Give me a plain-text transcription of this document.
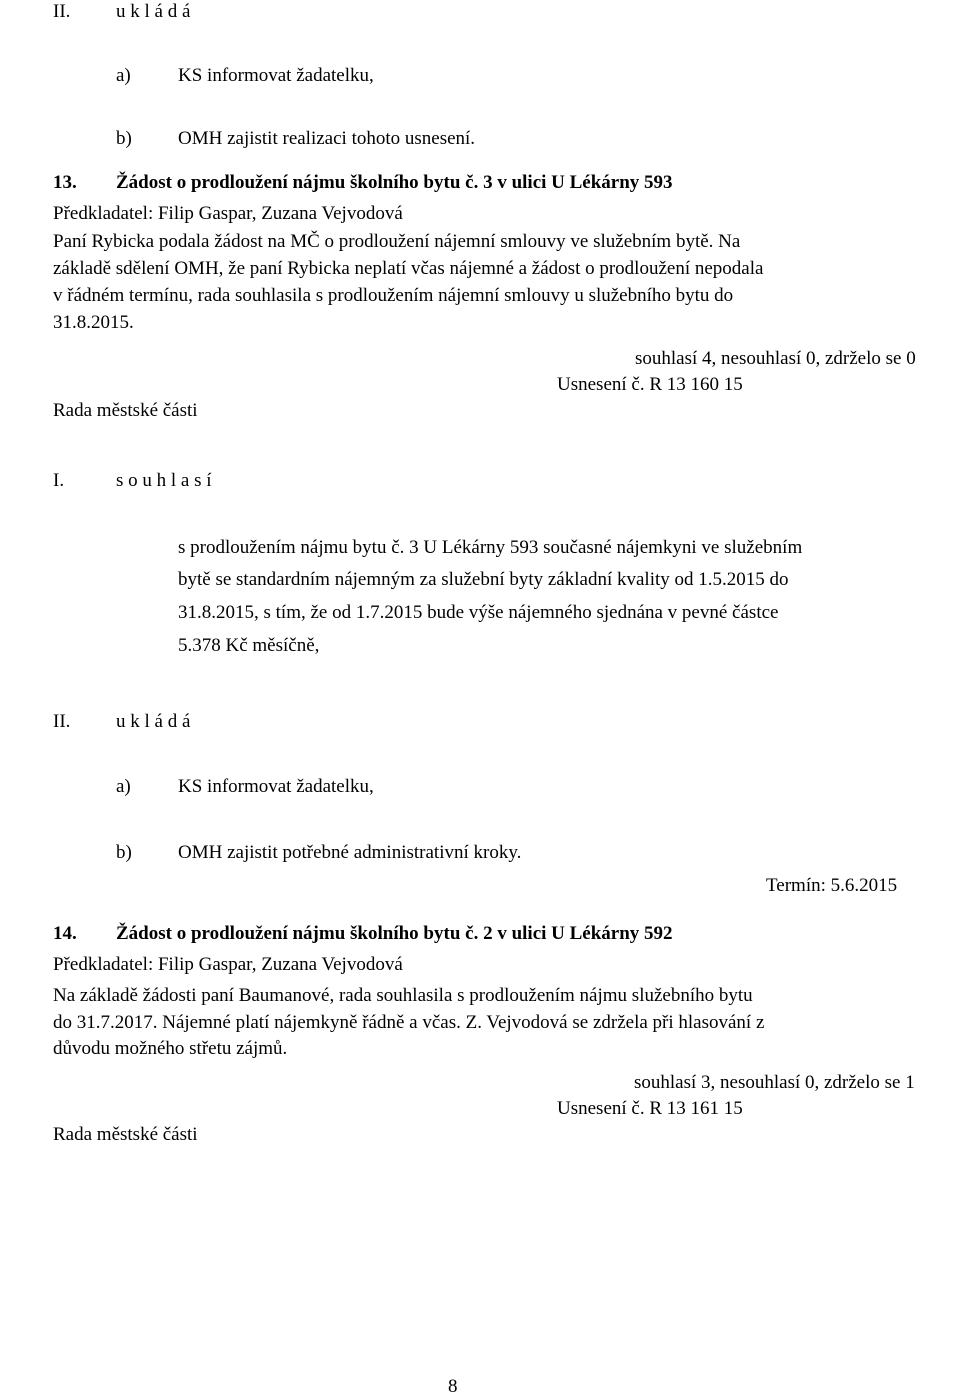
II. u k l á d á
a) KS informovat žadatelku,
b) OMH zajistit realizaci tohoto usnesení.
13. Žádost o prodloužení nájmu školního bytu č. 3 v ulici U Lékárny 593
Předkladatel: Filip Gaspar, Zuzana Vejvodová
Paní Rybicka podala žádost na MČ o prodloužení nájemní smlouvy ve služebním bytě. Na
základě sdělení OMH, že paní Rybicka neplatí včas nájemné a žádost o prodloužení nepodala
v řádném termínu, rada souhlasila s prodloužením nájemní smlouvy u služebního bytu do
31.8.2015.
souhlasí 4, nesouhlasí 0, zdrželo se 0
Usnesení č. R 13 160 15
Rada městské části
I.	s o u h l a s í
s prodloužením nájmu bytu č. 3 U Lékárny 593 současné nájemkyni ve služebním
bytě se standardním nájemným za služební byty základní kvality od 1.5.2015 do
31.8.2015, s tím, že od 1.7.2015 bude výše nájemného sjednána v pevné částce
5.378 Kč měsíčně,
II. u k l á d á
a) KS informovat žadatelku,
b) OMH zajistit potřebné administrativní kroky.
Termín: 5.6.2015
14. Žádost o prodloužení nájmu školního bytu č. 2 v ulici U Lékárny 592
Předkladatel: Filip Gaspar, Zuzana Vejvodová
Na základě žádosti paní Baumanové, rada souhlasila s prodloužením nájmu služebního bytu
do 31.7.2017. Nájemné platí nájemkyně řádně a včas. Z. Vejvodová se zdržela při hlasování z
důvodu možného střetu zájmů.
souhlasí 3, nesouhlasí 0, zdrželo se 1
Usnesení č. R 13 161 15
Rada městské části
8
